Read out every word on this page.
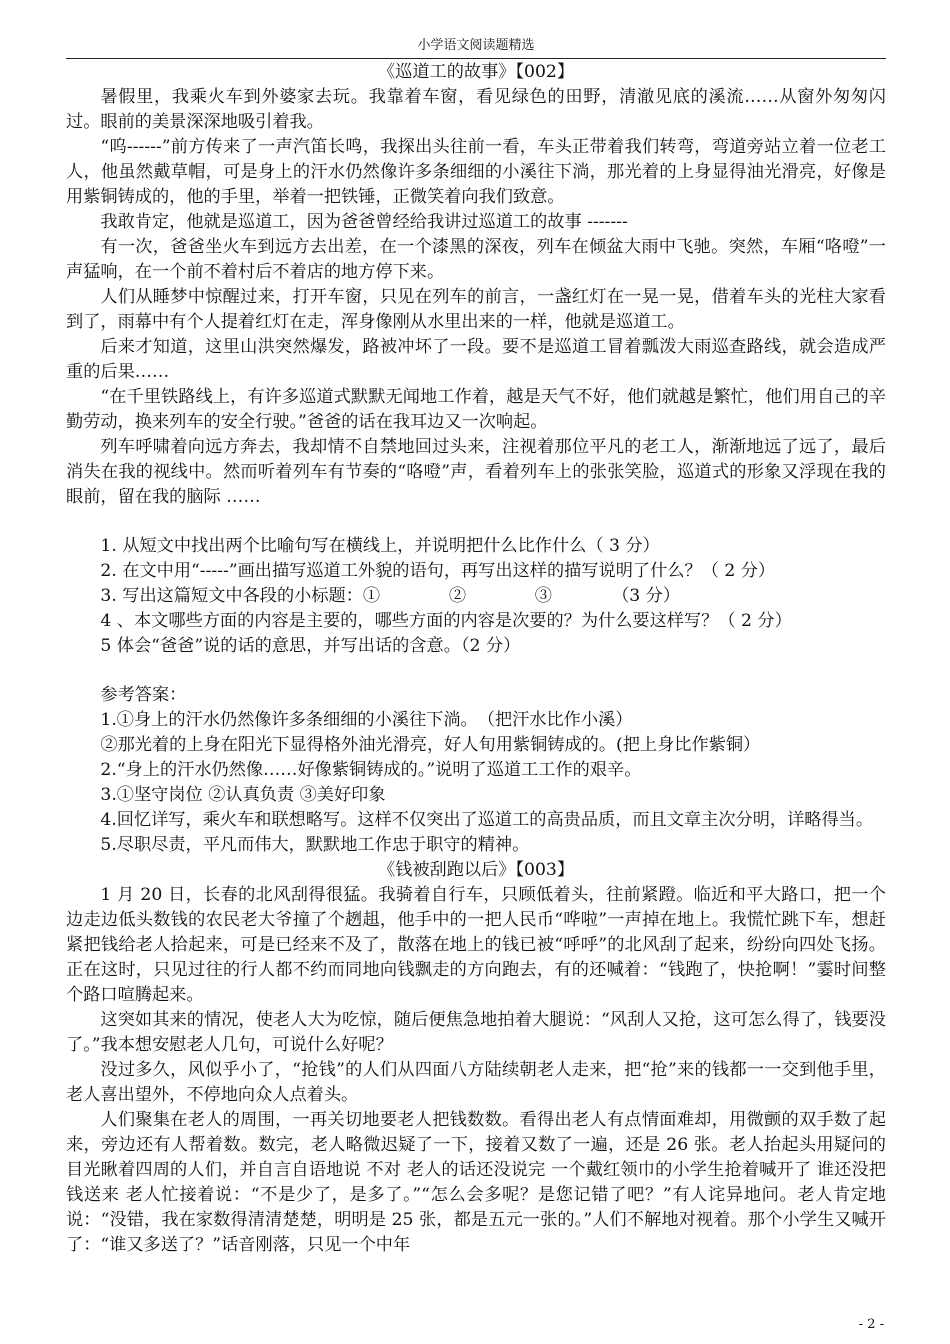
小学语文阅读题精选
《巡道工的故事》【002】

暑假里，我乘火车到外婆家去玩。我靠着车窗，看见绿色的田野，清澈见底的溪流……从窗外匆匆闪过。眼前的美景深深地吸引着我。

“呜------”前方传来了一声汽笛长鸣，我探出头往前一看，车头正带着我们转弯，弯道旁站立着一位老工人，他虽然戴草帽，可是身上的汗水仍然像许多条细细的小溪往下淌，那光着的上身显得油光滑亮，好像是用紫铜铸成的，他的手里，举着一把铁锤，正微笑着向我们致意。

我敢肯定，他就是巡道工，因为爸爸曾经给我讲过巡道工的故事 -------

有一次，爸爸坐火车到远方去出差，在一个漆黑的深夜，列车在倾盆大雨中飞驰。突然，车厢“咯噔”一声猛响，在一个前不着村后不着店的地方停下来。

人们从睡梦中惊醒过来，打开车窗，只见在列车的前言，一盏红灯在一晃一晃，借着车头的光柱大家看到了，雨幕中有个人提着红灯在走，浑身像刚从水里出来的一样，他就是巡道工。

后来才知道，这里山洪突然爆发，路被冲坏了一段。要不是巡道工冒着瓢泼大雨巡查路线，就会造成严重的后果……

“在千里铁路线上，有许多巡道式默默无闻地工作着，越是天气不好，他们就越是繁忙，他们用自己的辛勤劳动，换来列车的安全行驶。”爸爸的话在我耳边又一次响起。

列车呼啸着向远方奔去，我却情不自禁地回过头来，注视着那位平凡的老工人，渐渐地远了远了，最后消失在我的视线中。然而听着列车有节奏的“咯噔”声，看着列车上的张张笑脸，巡道式的形象又浮现在我的眼前，留在我的脑际 ……

1. 从短文中找出两个比喻句写在横线上，并说明把什么比作什么（ 3 分）

2. 在文中用“-----”画出描写巡道工外貌的语句，再写出这样的描写说明了什么？（ 2 分）

3. 写出这篇短文中各段的小标题：①　　　　②　　　　③　　　　（3 分）

4 、本文哪些方面的内容是主要的，哪些方面的内容是次要的？为什么要这样写？（ 2 分）

5 体会“爸爸”说的话的意思，并写出话的含意。（2 分）

参考答案：

1.①身上的汗水仍然像许多条细细的小溪往下淌。　（把汗水比作小溪）

②那光着的上身在阳光下显得格外油光滑亮，好人旬用紫铜铸成的。(把上身比作紫铜）

2.“身上的汗水仍然像……好像紫铜铸成的。”说明了巡道工工作的艰辛。

3.①坚守岗位 ②认真负责 ③美好印象

4.回忆详写，乘火车和联想略写。这样不仅突出了巡道工的高贵品质，而且文章主次分明，详略得当。

5.尽职尽责，平凡而伟大，默默地工作忠于职守的精神。

《钱被刮跑以后》【003】

1 月 20 日，长春的北风刮得很猛。我骑着自行车，只顾低着头，往前紧蹬。临近和平大路口，把一个边走边低头数钱的农民老大爷撞了个趔趄，他手中的一把人民币“哗啦”一声掉在地上。我慌忙跳下车，想赶紧把钱给老人拾起来，可是已经来不及了，散落在地上的钱已被“呼呼”的北风刮了起来，纷纷向四处飞扬。正在这时，只见过往的行人都不约而同地向钱飘走的方向跑去，有的还喊着：“钱跑了，快抢啊！”霎时间整个路口喧腾起来。

这突如其来的情况，使老人大为吃惊，随后便焦急地拍着大腿说：“风刮人又抢，这可怎么得了，钱要没了。”我本想安慰老人几句，可说什么好呢？

没过多久，风似乎小了，“抢钱”的人们从四面八方陆续朝老人走来，把“抢”来的钱都一一交到他手里，老人喜出望外，不停地向众人点着头。

人们聚集在老人的周围，一再关切地要老人把钱数数。看得出老人有点情面难却，用微颤的双手数了起来，旁边还有人帮着数。数完，老人略微迟疑了一下，接着又数了一遍，还是 26 张。老人抬起头用疑问的目光瞅着四周的人们，并自言自语地说 不对 老人的话还没说完 一个戴红领巾的小学生抢着喊开了 谁还没把钱送来 老人忙接着说：“不是少了，是多了。”“怎么会多呢？是您记错了吧？”有人诧异地问。老人肯定地说：“没错，我在家数得清清楚楚，明明是 25 张，都是五元一张的。”人们不解地对视着。那个小学生又喊开了：“谁又多送了？”话音刚落，只见一个中年

- 2 -
